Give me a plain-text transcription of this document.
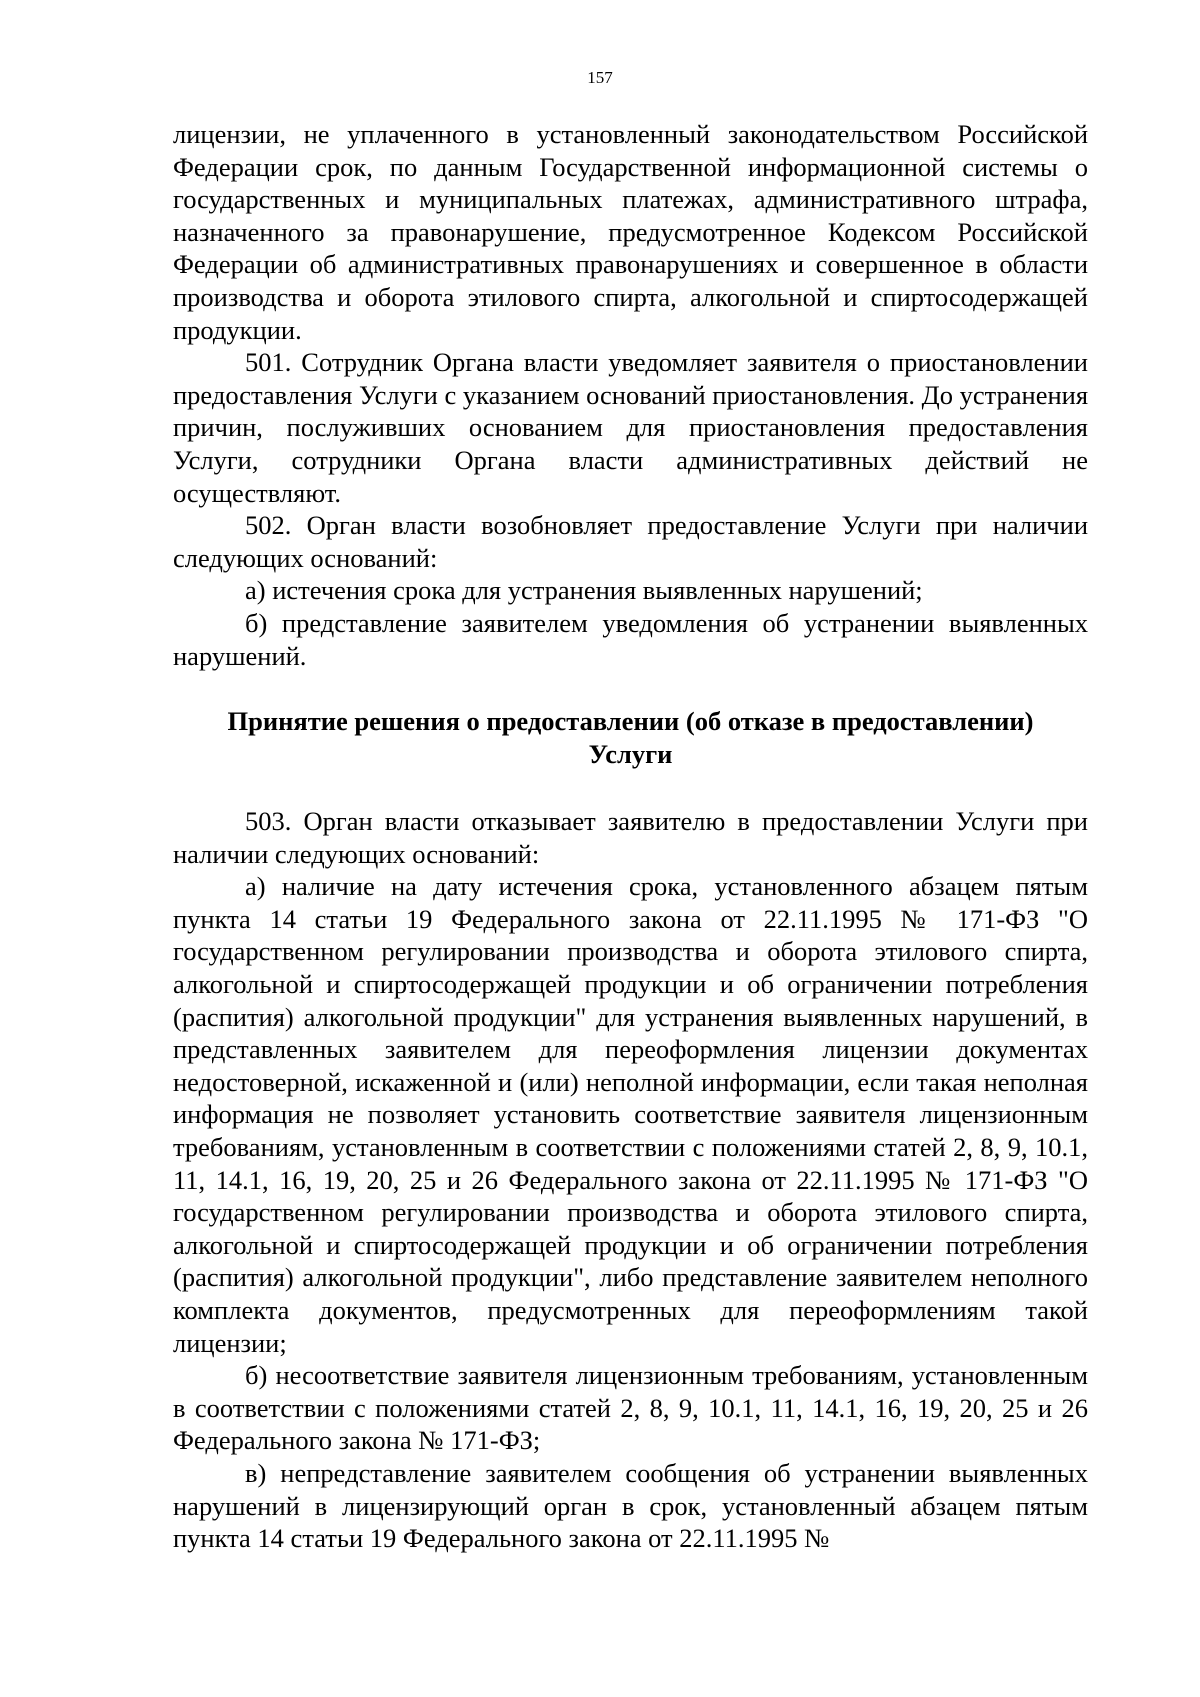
157

лицензии, не уплаченного в установленный законодательством Российской Федерации срок, по данным Государственной информационной системы о государственных и муниципальных платежах, административного штрафа, назначенного за правонарушение, предусмотренное Кодексом Российской Федерации об административных правонарушениях и совершенное в области производства и оборота этилового спирта, алкогольной и спиртосодержащей продукции.

501. Сотрудник Органа власти уведомляет заявителя о приостановлении предоставления Услуги с указанием оснований приостановления. До устранения причин, послуживших основанием для приостановления предоставления Услуги, сотрудники Органа власти административных действий не осуществляют.

502. Орган власти возобновляет предоставление Услуги при наличии следующих оснований:

а) истечения срока для устранения выявленных нарушений;

б) представление заявителем уведомления об устранении выявленных нарушений.

Принятие решения о предоставлении (об отказе в предоставлении)
Услуги

503. Орган власти отказывает заявителю в предоставлении Услуги при наличии следующих оснований:

а) наличие на дату истечения срока, установленного абзацем пятым пункта 14 статьи 19 Федерального закона от 22.11.1995 № 171-ФЗ "О государственном регулировании производства и оборота этилового спирта, алкогольной и спиртосодержащей продукции и об ограничении потребления (распития) алкогольной продукции" для устранения выявленных нарушений, в представленных заявителем для переоформления лицензии документах недостоверной, искаженной и (или) неполной информации, если такая неполная информация не позволяет установить соответствие заявителя лицензионным требованиям, установленным в соответствии с положениями статей 2, 8, 9, 10.1, 11, 14.1, 16, 19, 20, 25 и 26 Федерального закона от 22.11.1995 № 171-ФЗ "О государственном регулировании производства и оборота этилового спирта, алкогольной и спиртосодержащей продукции и об ограничении потребления (распития) алкогольной продукции", либо представление заявителем неполного комплекта документов, предусмотренных для переоформлениям такой лицензии;

б) несоответствие заявителя лицензионным требованиям, установленным в соответствии с положениями статей 2, 8, 9, 10.1, 11, 14.1, 16, 19, 20, 25 и 26 Федерального закона № 171-ФЗ;

в) непредставление заявителем сообщения об устранении выявленных нарушений в лицензирующий орган в срок, установленный абзацем пятым пункта 14 статьи 19 Федерального закона от 22.11.1995 №
